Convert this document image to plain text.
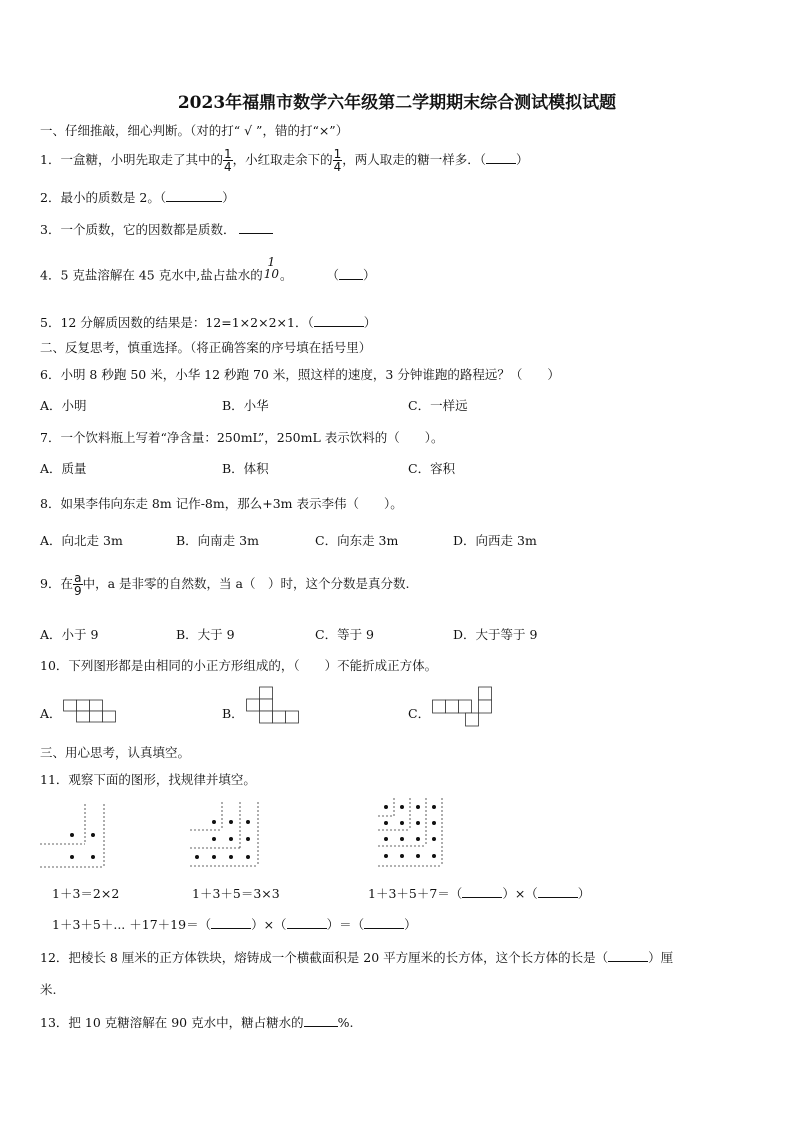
2023年福鼎市数学六年级第二学期期末综合测试模拟试题
一、仔细推敲，细心判断。（对的打“ √ ”，错的打“×”）
1．一盒糖，小明先取走了其中的 $\frac{1}{4}$ ，小红取走余下的 $\frac{1}{4}$ ，两人取走的糖一样多．（ ）
2．最小的质数是 2。（	）
3．一个质数，它的因数都是质数．
4．5 克盐溶解在 45 克水中,盐占盐水的
1
10 。	（ ）
5．12 分解质因数的结果是：12=1×2×2×1．（	）
二、反复思考，慎重选择。（将正确答案的序号填在括号里）
6．小明 8 秒跑 50 米，小华 12 秒跑 70 米，照这样的速度，3 分钟谁跑的路程远？（　　）
A．小明	B．小华	C．一样远
7．一个饮料瓶上写着“净含量：250mL”，250mL 表示饮料的（　　）。
A．质量	B．体积	C．容积
8．如果李伟向东走 8m 记作-8m，那么+3m 表示李伟（　　）。
A．向北走 3m	B．向南走 3m	C．向东走 3m	D．向西走 3m
9．在 $\frac{a}{9}$ 中，a 是非零的自然数，当 a（　）时，这个分数是真分数.
A．小于 9	B．大于 9	C．等于 9	D．大于等于 9
10．下列图形都是由相同的小正方形组成的，（　　）不能折成正方体。
A．	B．	C．
三、用心思考，认真填空。
11．观察下面的图形，找规律并填空。
1＋3＝2×2	1＋3＋5＝3×3	1＋3＋5＋7＝（	）×（	）
1＋3＋5＋... ＋17＋19＝（	）×（	）＝（	）
12．把棱长 8 厘米的正方体铁块，熔铸成一个横截面积是 20 平方厘米的长方体，这个长方体的长是（	）厘
米.
13．把 10 克糖溶解在 90 克水中，糖占糖水的	%.
